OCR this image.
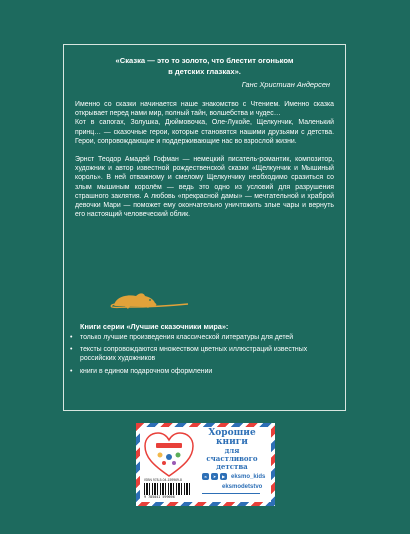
«Сказка — это то золото, что блестит огоньком
в детских глазках».
Ганс Христиан Андерсен

Именно со сказки начинается наше знакомство с Чтением. Именно сказка открывает перед нами мир, полный тайн, волшебства и чудес…

Кот в сапогах, Золушка, Дюймовочка, Оле-Лукойе, Щелкунчик, Маленький принц… — сказочные герои, которые становятся нашими друзьями с детства. Герои, сопровождающие и поддерживающие нас во взрослой жизни.

Эрнст Теодор Амадей Гофман — немецкий писатель-романтик, композитор, художник и автор известной рождественской сказки «Щелкунчик и Мышиный король». В ней отважному и смелому Щелкунчику необходимо сразиться со злым мышиным королём — ведь это одно из условий для разрушения страшного заклятия. А любовь «прекрасной дамы» — мечтательной и храброй девочки Мари — поможет ему окончательно уничтожить злые чары и вернуть его настоящий человеческий облик.

Книги серии «Лучшие сказочники мира»:
•	только лучшие произведения классической литературы для детей
•	тексты сопровождаются множеством цветных иллюстраций известных российских художников
•	книги в едином подарочном оформлении
ISBN 978-5-04-159969-8
9 785041 599698
Хорошие
книги
для счастливого
детства
в	➤	▶ eksmo_kids
eksmodetstvo
